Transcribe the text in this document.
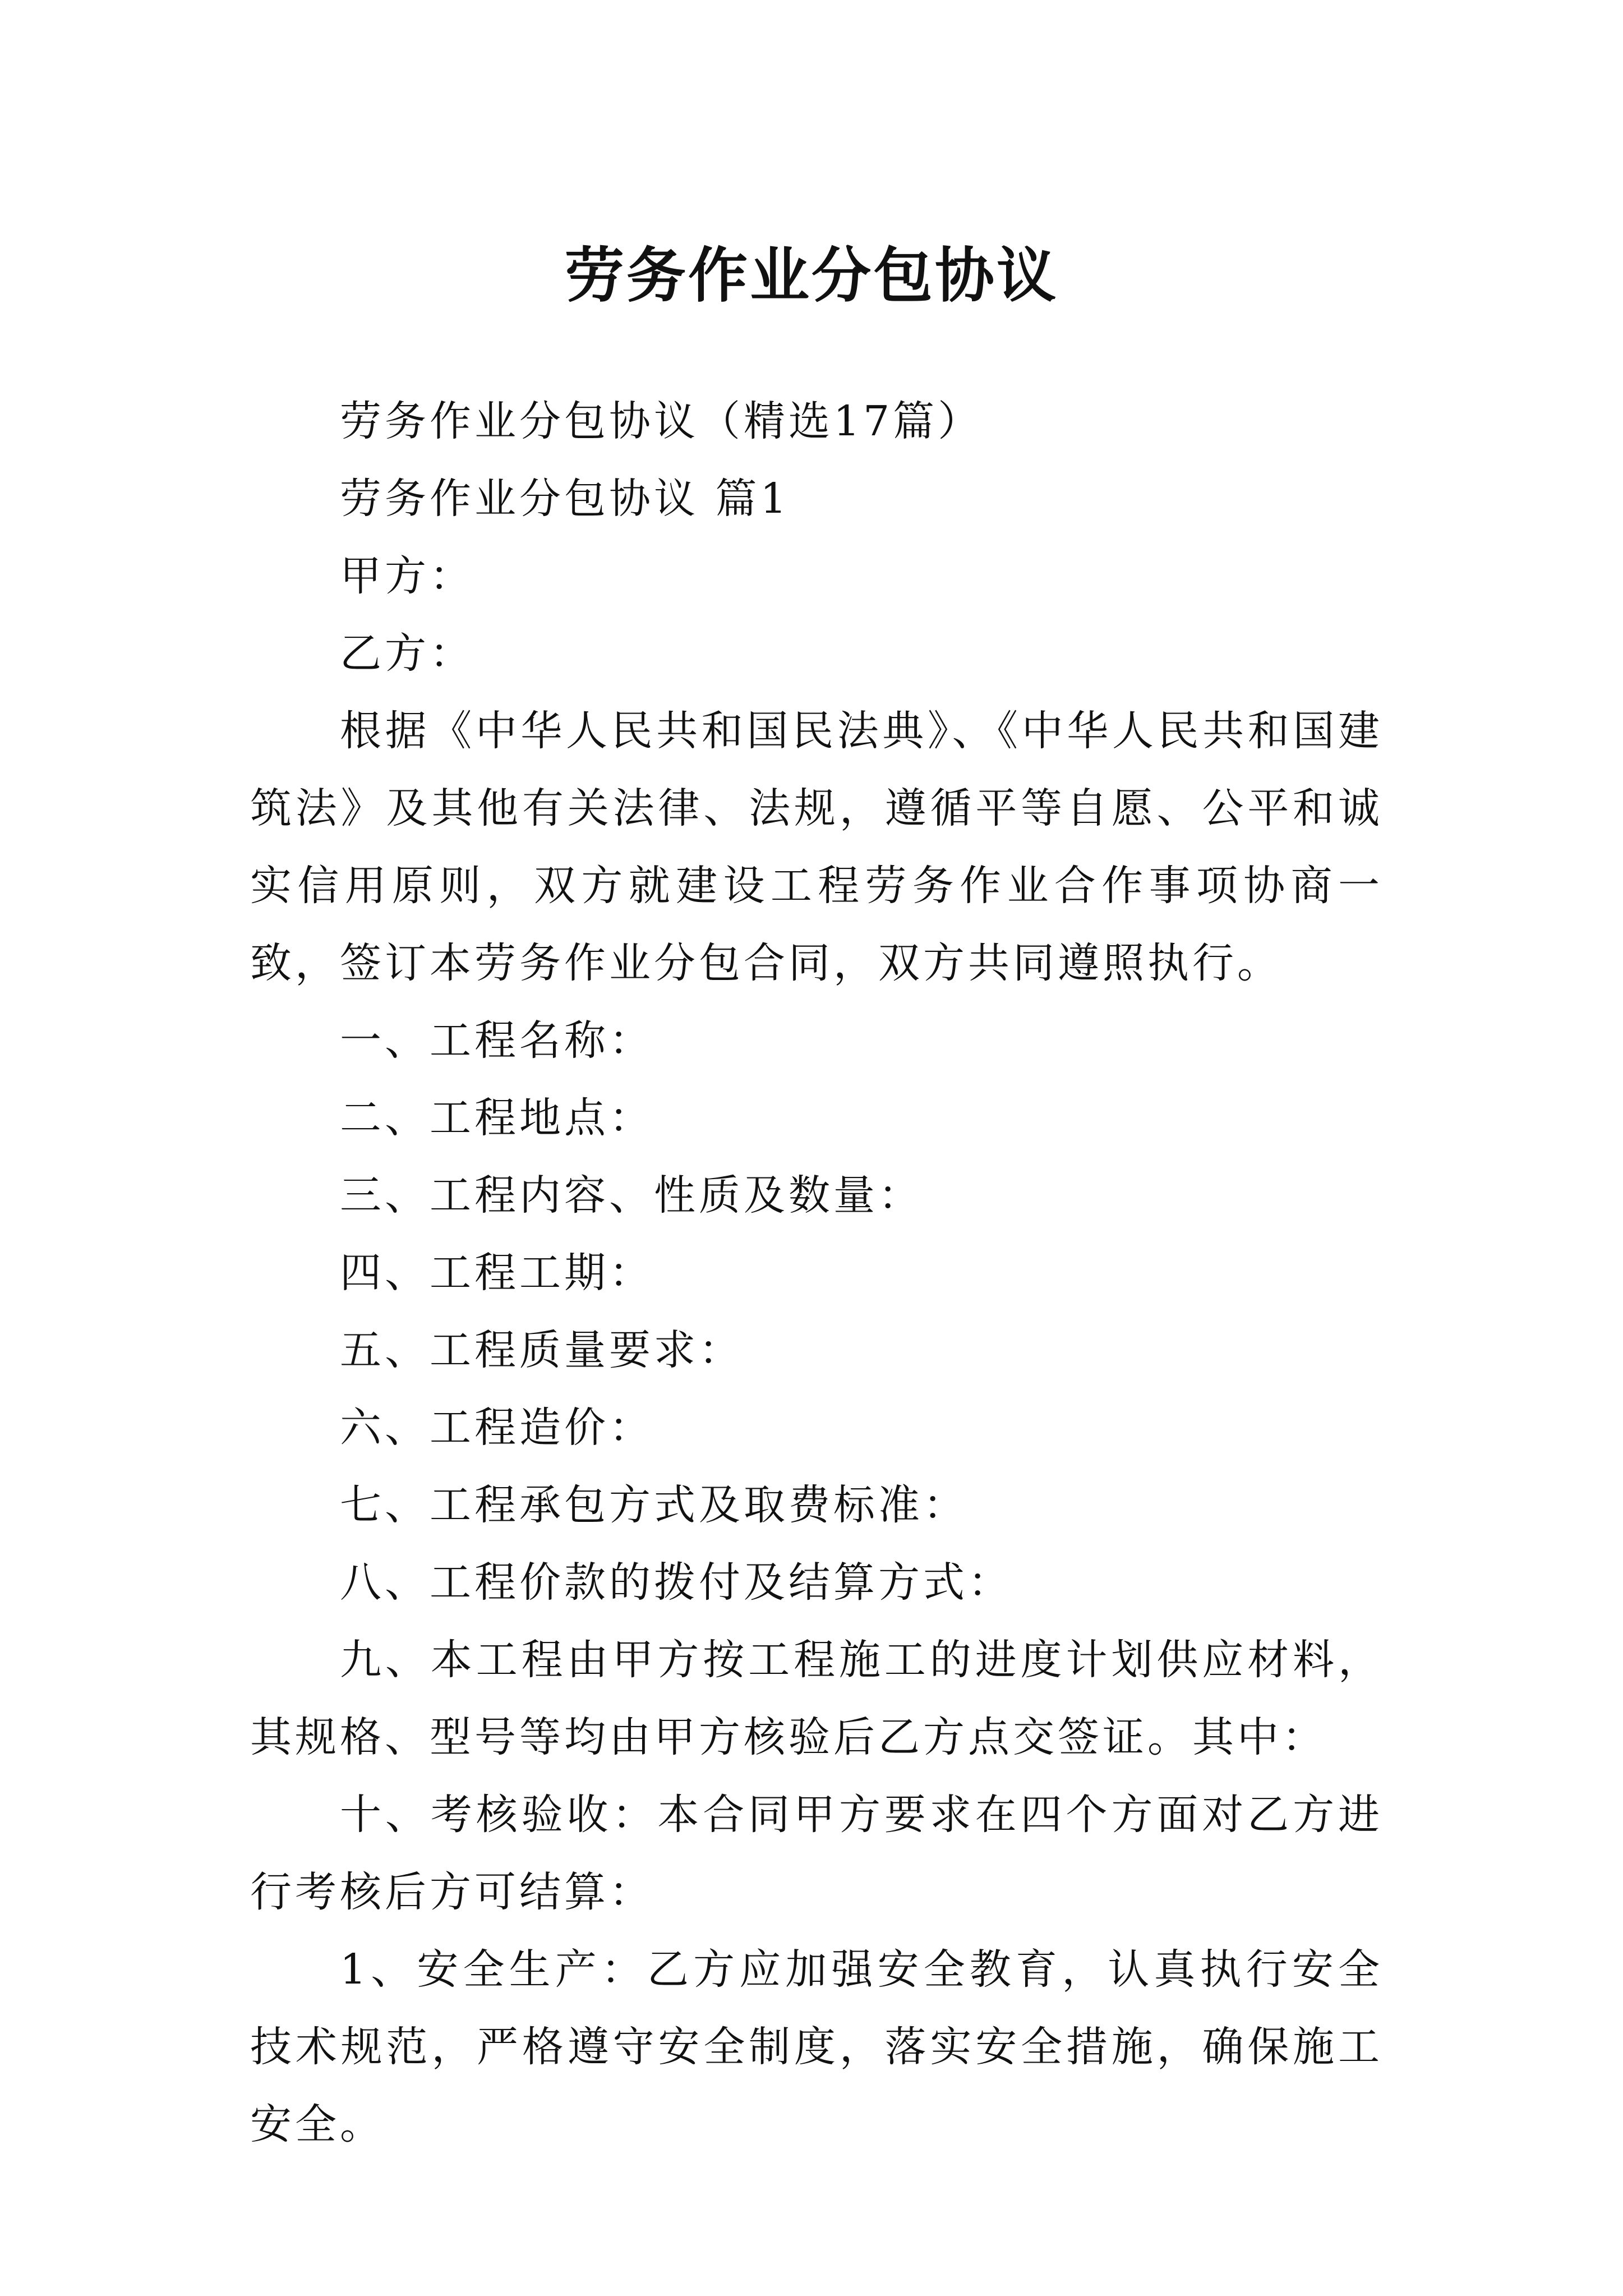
劳务作业分包协议

劳务作业分包协议（精选17篇）

劳务作业分包协议 篇1

甲方：

乙方：

根据《中华人民共和国民法典》、《中华人民共和国建筑法》及其他有关法律、法规，遵循平等自愿、公平和诚实信用原则，双方就建设工程劳务作业合作事项协商一致，签订本劳务作业分包合同，双方共同遵照执行。

一、工程名称：

二、工程地点：

三、工程内容、性质及数量：

四、工程工期：

五、工程质量要求：

六、工程造价：

七、工程承包方式及取费标准：

八、工程价款的拨付及结算方式：

九、本工程由甲方按工程施工的进度计划供应材料，其规格、型号等均由甲方核验后乙方点交签证。其中：

十、考核验收：本合同甲方要求在四个方面对乙方进行考核后方可结算：

1、安全生产：乙方应加强安全教育，认真执行安全技术规范，严格遵守安全制度，落实安全措施，确保施工安全。
